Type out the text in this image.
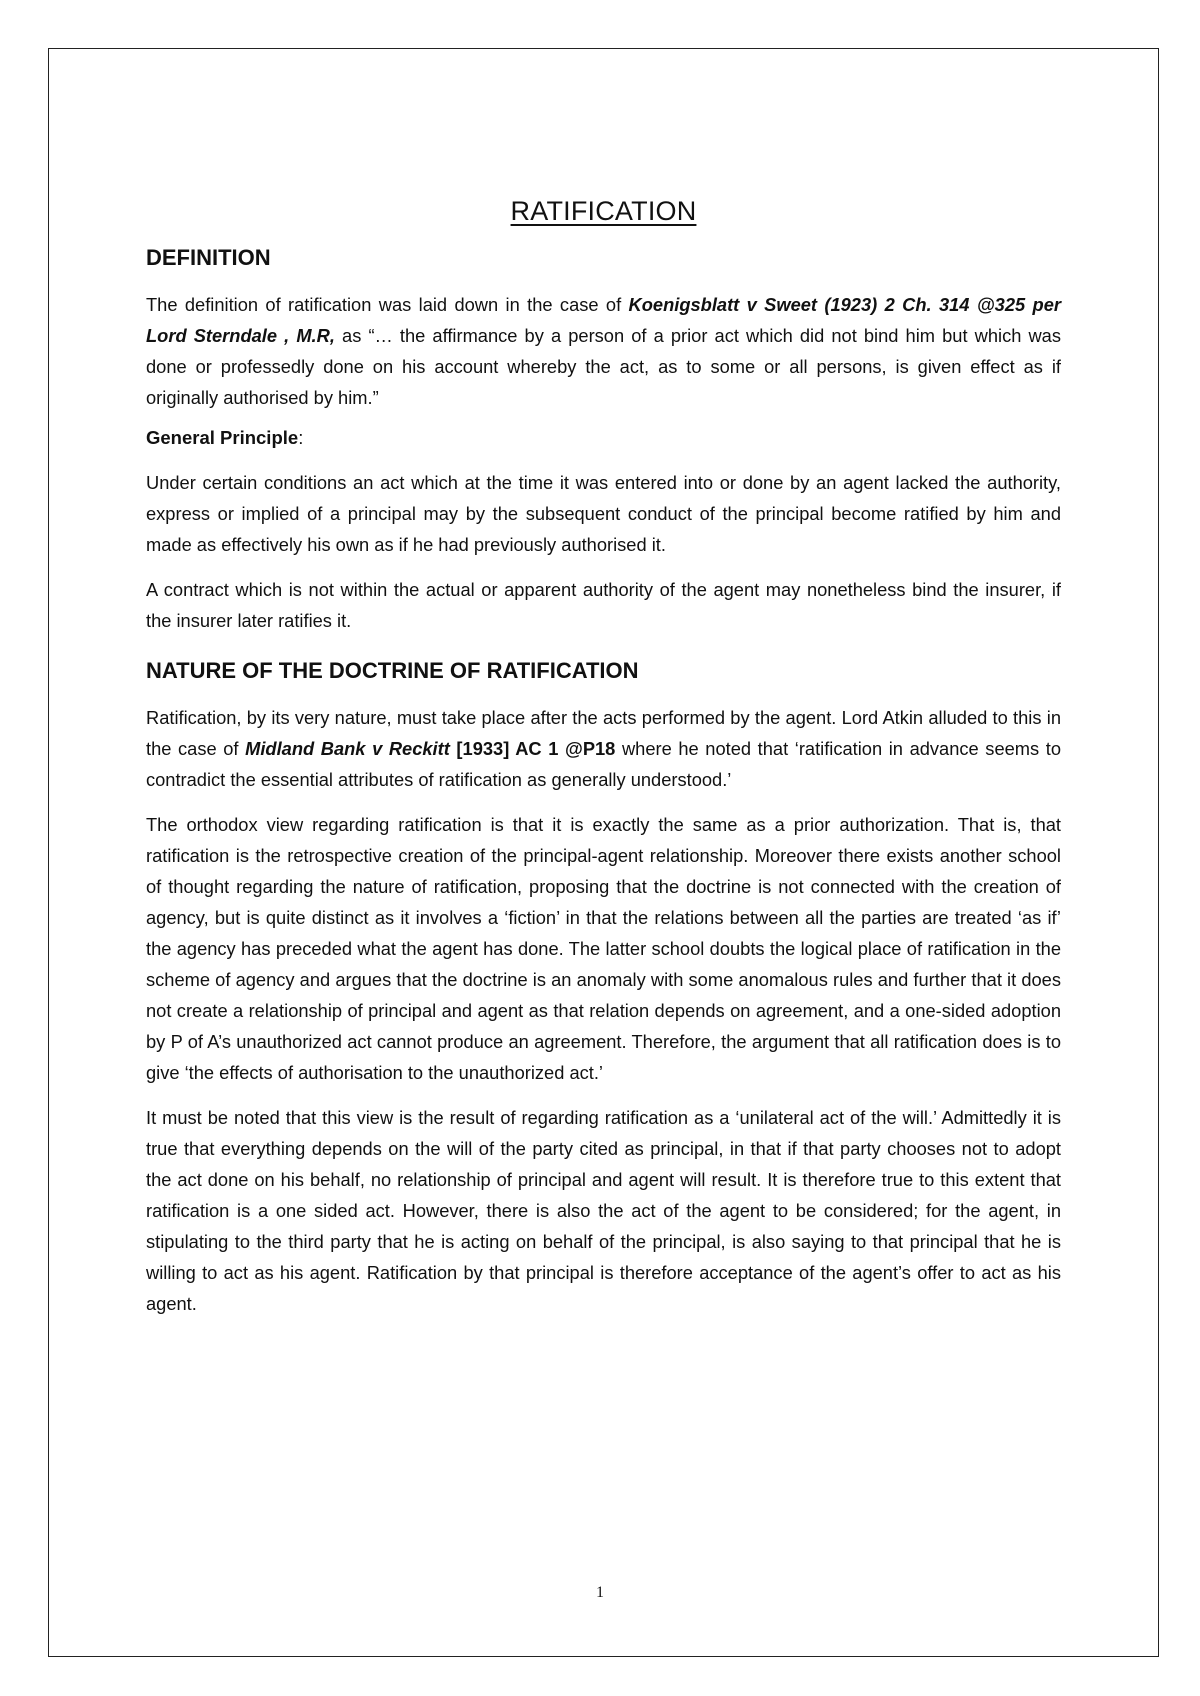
RATIFICATION
DEFINITION

The definition of ratification was laid down in the case of Koenigsblatt v Sweet (1923) 2 Ch. 314 @325 per Lord Sterndale , M.R, as “… the affirmance by a person of a prior act which did not bind him but which was done or professedly done on his account whereby the act, as to some or all persons, is given effect as if originally authorised by him.”

General Principle:

Under certain conditions an act which at the time it was entered into or done by an agent lacked the authority, express or implied of a principal may by the subsequent conduct of the principal become ratified by him and made as effectively his own as if he had previously authorised it.

A contract which is not within the actual or apparent authority of the agent may nonetheless bind the insurer, if the insurer later ratifies it.

NATURE OF THE DOCTRINE OF RATIFICATION

Ratification, by its very nature, must take place after the acts performed by the agent. Lord Atkin alluded to this in the case of Midland Bank v Reckitt [1933] AC 1 @P18 where he noted that ‘ratification in advance seems to contradict the essential attributes of ratification as generally understood.’

The orthodox view regarding ratification is that it is exactly the same as a prior authorization. That is, that ratification is the retrospective creation of the principal-agent relationship. Moreover there exists another school of thought regarding the nature of ratification, proposing that the doctrine is not connected with the creation of agency, but is quite distinct as it involves a ‘fiction’ in that the relations between all the parties are treated ‘as if’ the agency has preceded what the agent has done. The latter school doubts the logical place of ratification in the scheme of agency and argues that the doctrine is an anomaly with some anomalous rules and further that it does not create a relationship of principal and agent as that relation depends on agreement, and a one-sided adoption by P of A’s unauthorized act cannot produce an agreement. Therefore, the argument that all ratification does is to give ‘the effects of authorisation to the unauthorized act.’

It must be noted that this view is the result of regarding ratification as a ‘unilateral act of the will.’ Admittedly it is true that everything depends on the will of the party cited as principal, in that if that party chooses not to adopt the act done on his behalf, no relationship of principal and agent will result. It is therefore true to this extent that ratification is a one sided act. However, there is also the act of the agent to be considered; for the agent, in stipulating to the third party that he is acting on behalf of the principal, is also saying to that principal that he is willing to act as his agent. Ratification by that principal is therefore acceptance of the agent’s offer to act as his agent.

1
